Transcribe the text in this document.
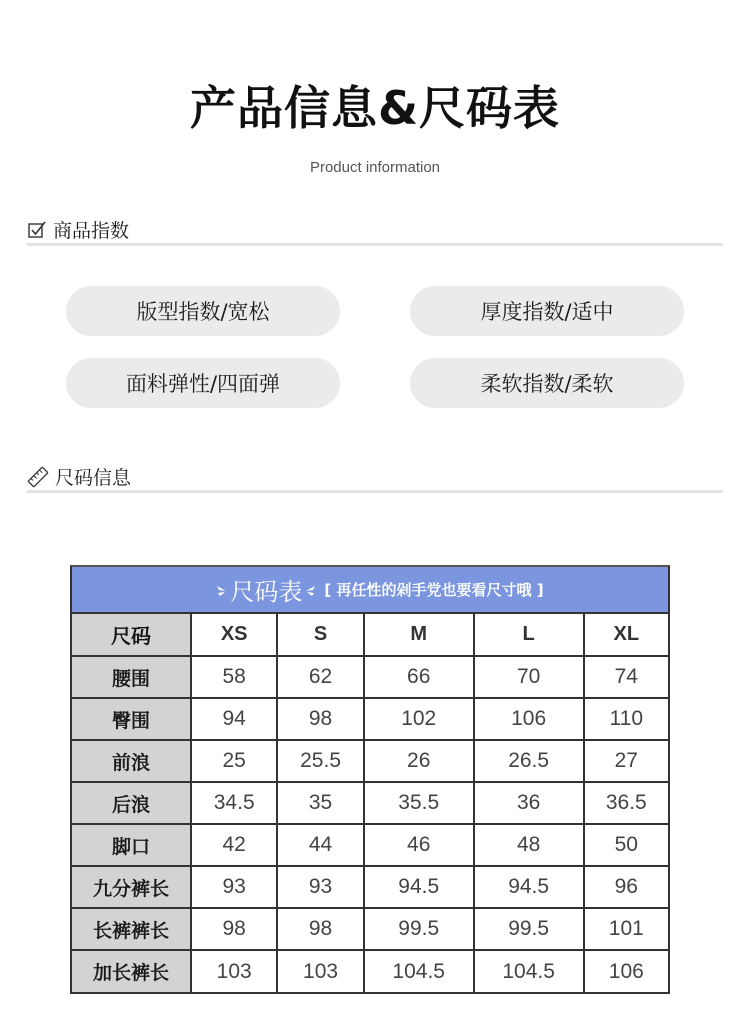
产品信息&尺码表
Product information
商品指数
版型指数/宽松	厚度指数/适中
面料弹性/四面弹	柔软指数/柔软
尺码信息
尺码表 [ 再任性的剁手党也要看尺寸哦 ]
尺码	XS	S	M	L	XL
腰围	58	62	66	70	74
臀围	94	98	102	106	110
前浪	25	25.5	26	26.5	27
后浪	34.5	35	35.5	36	36.5
脚口	42	44	46	48	50
九分裤长	93	93	94.5	94.5	96
长裤裤长	98	98	99.5	99.5	101
加长裤长	103	103	104.5	104.5	106
